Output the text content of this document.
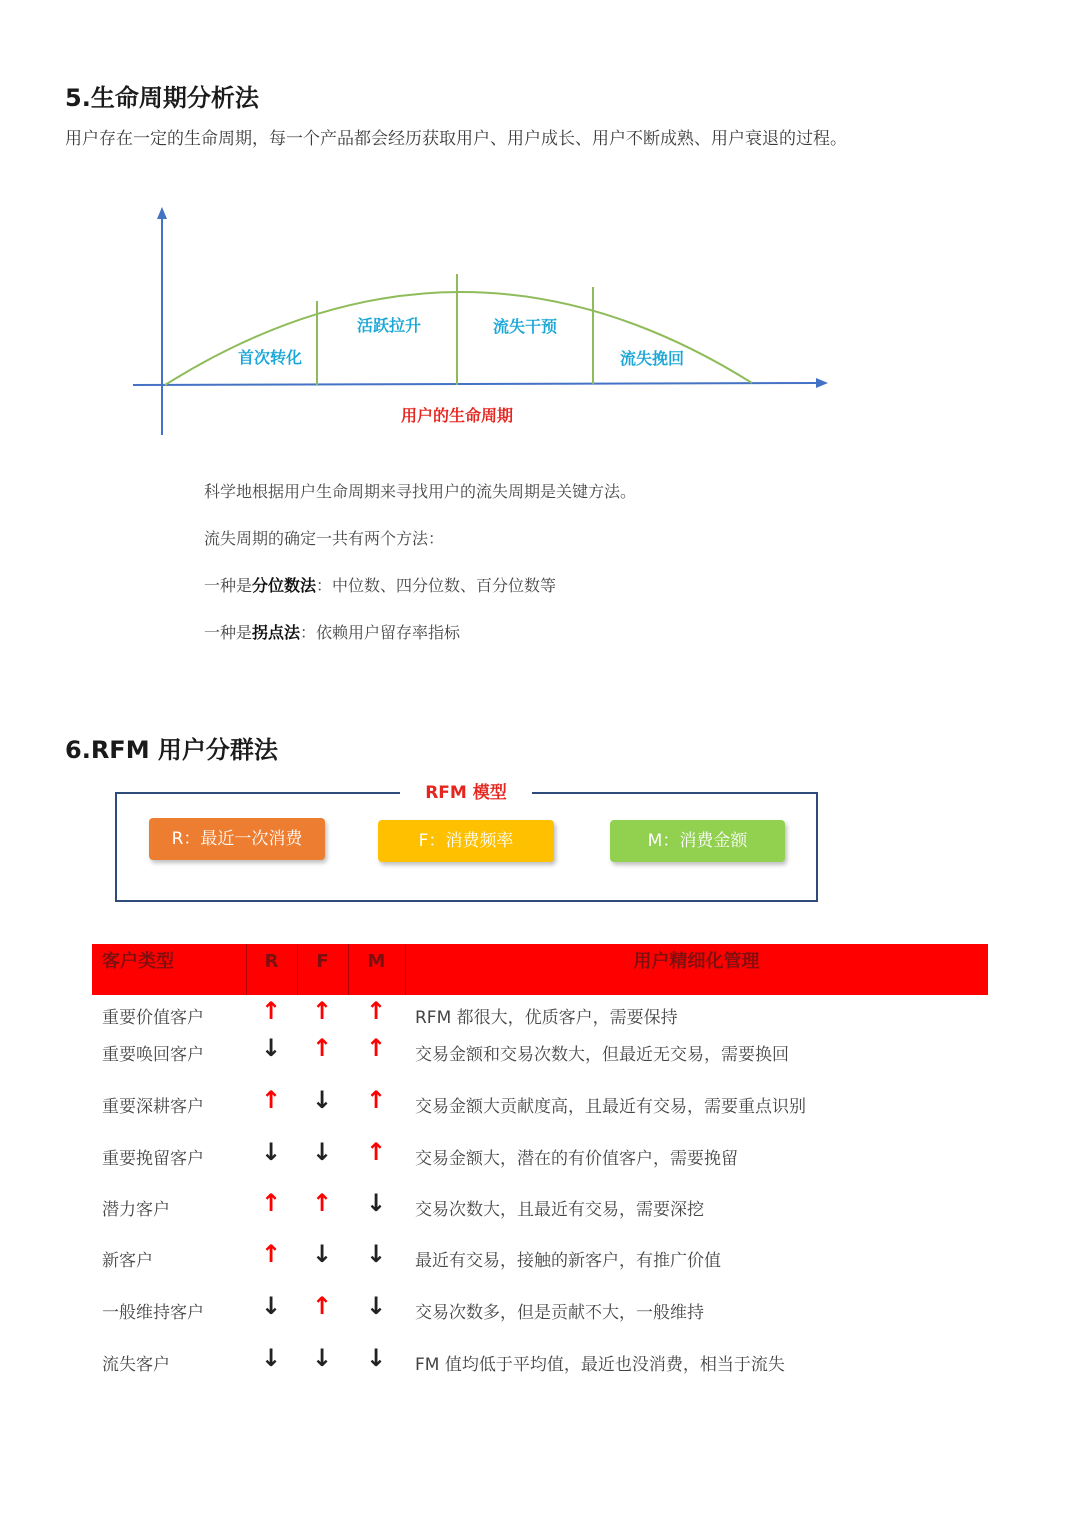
5.生命周期分析法
用户存在一定的生命周期，每一个产品都会经历获取用户、用户成长、用户不断成熟、用户衰退的过程。
首次转化
活跃拉升	流失干预
流失挽回
用户的生命周期
科学地根据用户生命周期来寻找用户的流失周期是关键方法。
流失周期的确定一共有两个方法：
一种是分位数法：中位数、四分位数、百分位数等
一种是拐点法：依赖用户留存率指标
6.RFM 用户分群法
RFM 模型
R：最近一次消费	F：消费频率	M：消费金额
客户类型	R	F	M	用户精细化管理
重要价值客户 ↑ ↑ ↑ RFM 都很大，优质客户，需要保持
重要唤回客户 ↓ ↑ ↑ 交易金额和交易次数大，但最近无交易，需要换回
重要深耕客户 ↑ ↓ ↑ 交易金额大贡献度高，且最近有交易，需要重点识别
重要挽留客户 ↓ ↓ ↑ 交易金额大，潜在的有价值客户，需要挽留
潜力客户	↑ ↑ ↓ 交易次数大，且最近有交易，需要深挖
新客户	↑ ↓ ↓ 最近有交易，接触的新客户，有推广价值
一般维持客户 ↓ ↑ ↓ 交易次数多，但是贡献不大，一般维持
流失客户	↓ ↓ ↓ FM 值均低于平均值，最近也没消费，相当于流失
